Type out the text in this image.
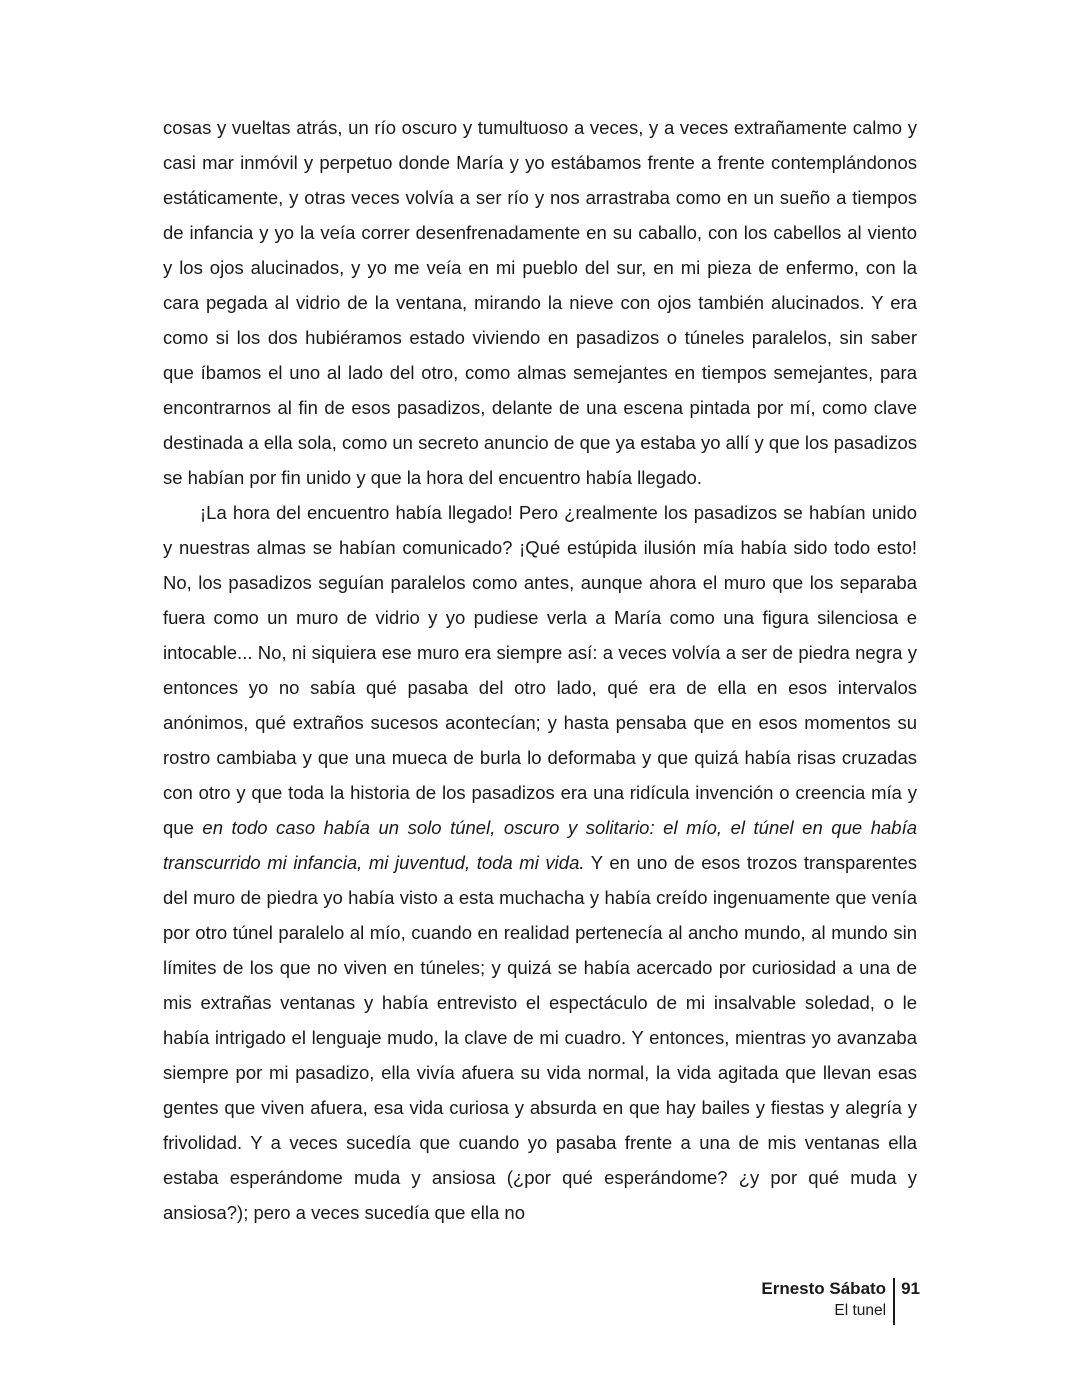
cosas y vueltas atrás, un río oscuro y tumultuoso a veces, y a veces extrañamente calmo y casi mar inmóvil y perpetuo donde María y yo estábamos frente a frente contemplándonos estáticamente, y otras veces volvía a ser río y nos arrastraba como en un sueño a tiempos de infancia y yo la veía correr desenfrenadamente en su caballo, con los cabellos al viento y los ojos alucinados, y yo me veía en mi pueblo del sur, en mi pieza de enfermo, con la cara pegada al vidrio de la ventana, mirando la nieve con ojos también alucinados. Y era como si los dos hubiéramos estado viviendo en pasadizos o túneles paralelos, sin saber que íbamos el uno al lado del otro, como almas semejantes en tiempos semejantes, para encontrarnos al fin de esos pasadizos, delante de una escena pintada por mí, como clave destinada a ella sola, como un secreto anuncio de que ya estaba yo allí y que los pasadizos se habían por fin unido y que la hora del encuentro había llegado.

¡La hora del encuentro había llegado! Pero ¿realmente los pasadizos se habían unido y nuestras almas se habían comunicado? ¡Qué estúpida ilusión mía había sido todo esto! No, los pasadizos seguían paralelos como antes, aunque ahora el muro que los separaba fuera como un muro de vidrio y yo pudiese verla a María como una figura silenciosa e intocable... No, ni siquiera ese muro era siempre así: a veces volvía a ser de piedra negra y entonces yo no sabía qué pasaba del otro lado, qué era de ella en esos intervalos anónimos, qué extraños sucesos acontecían; y hasta pensaba que en esos momentos su rostro cambiaba y que una mueca de burla lo deformaba y que quizá había risas cruzadas con otro y que toda la historia de los pasadizos era una ridícula invención o creencia mía y que en todo caso había un solo túnel, oscuro y solitario: el mío, el túnel en que había transcurrido mi infancia, mi juventud, toda mi vida. Y en uno de esos trozos transparentes del muro de piedra yo había visto a esta muchacha y había creído ingenuamente que venía por otro túnel paralelo al mío, cuando en realidad pertenecía al ancho mundo, al mundo sin límites de los que no viven en túneles; y quizá se había acercado por curiosidad a una de mis extrañas ventanas y había entrevisto el espectáculo de mi insalvable soledad, o le había intrigado el lenguaje mudo, la clave de mi cuadro. Y entonces, mientras yo avanzaba siempre por mi pasadizo, ella vivía afuera su vida normal, la vida agitada que llevan esas gentes que viven afuera, esa vida curiosa y absurda en que hay bailes y fiestas y alegría y frivolidad. Y a veces sucedía que cuando yo pasaba frente a una de mis ventanas ella estaba esperándome muda y ansiosa (¿por qué esperándome? ¿y por qué muda y ansiosa?); pero a veces sucedía que ella no

Ernesto Sábato
El tunel
91
